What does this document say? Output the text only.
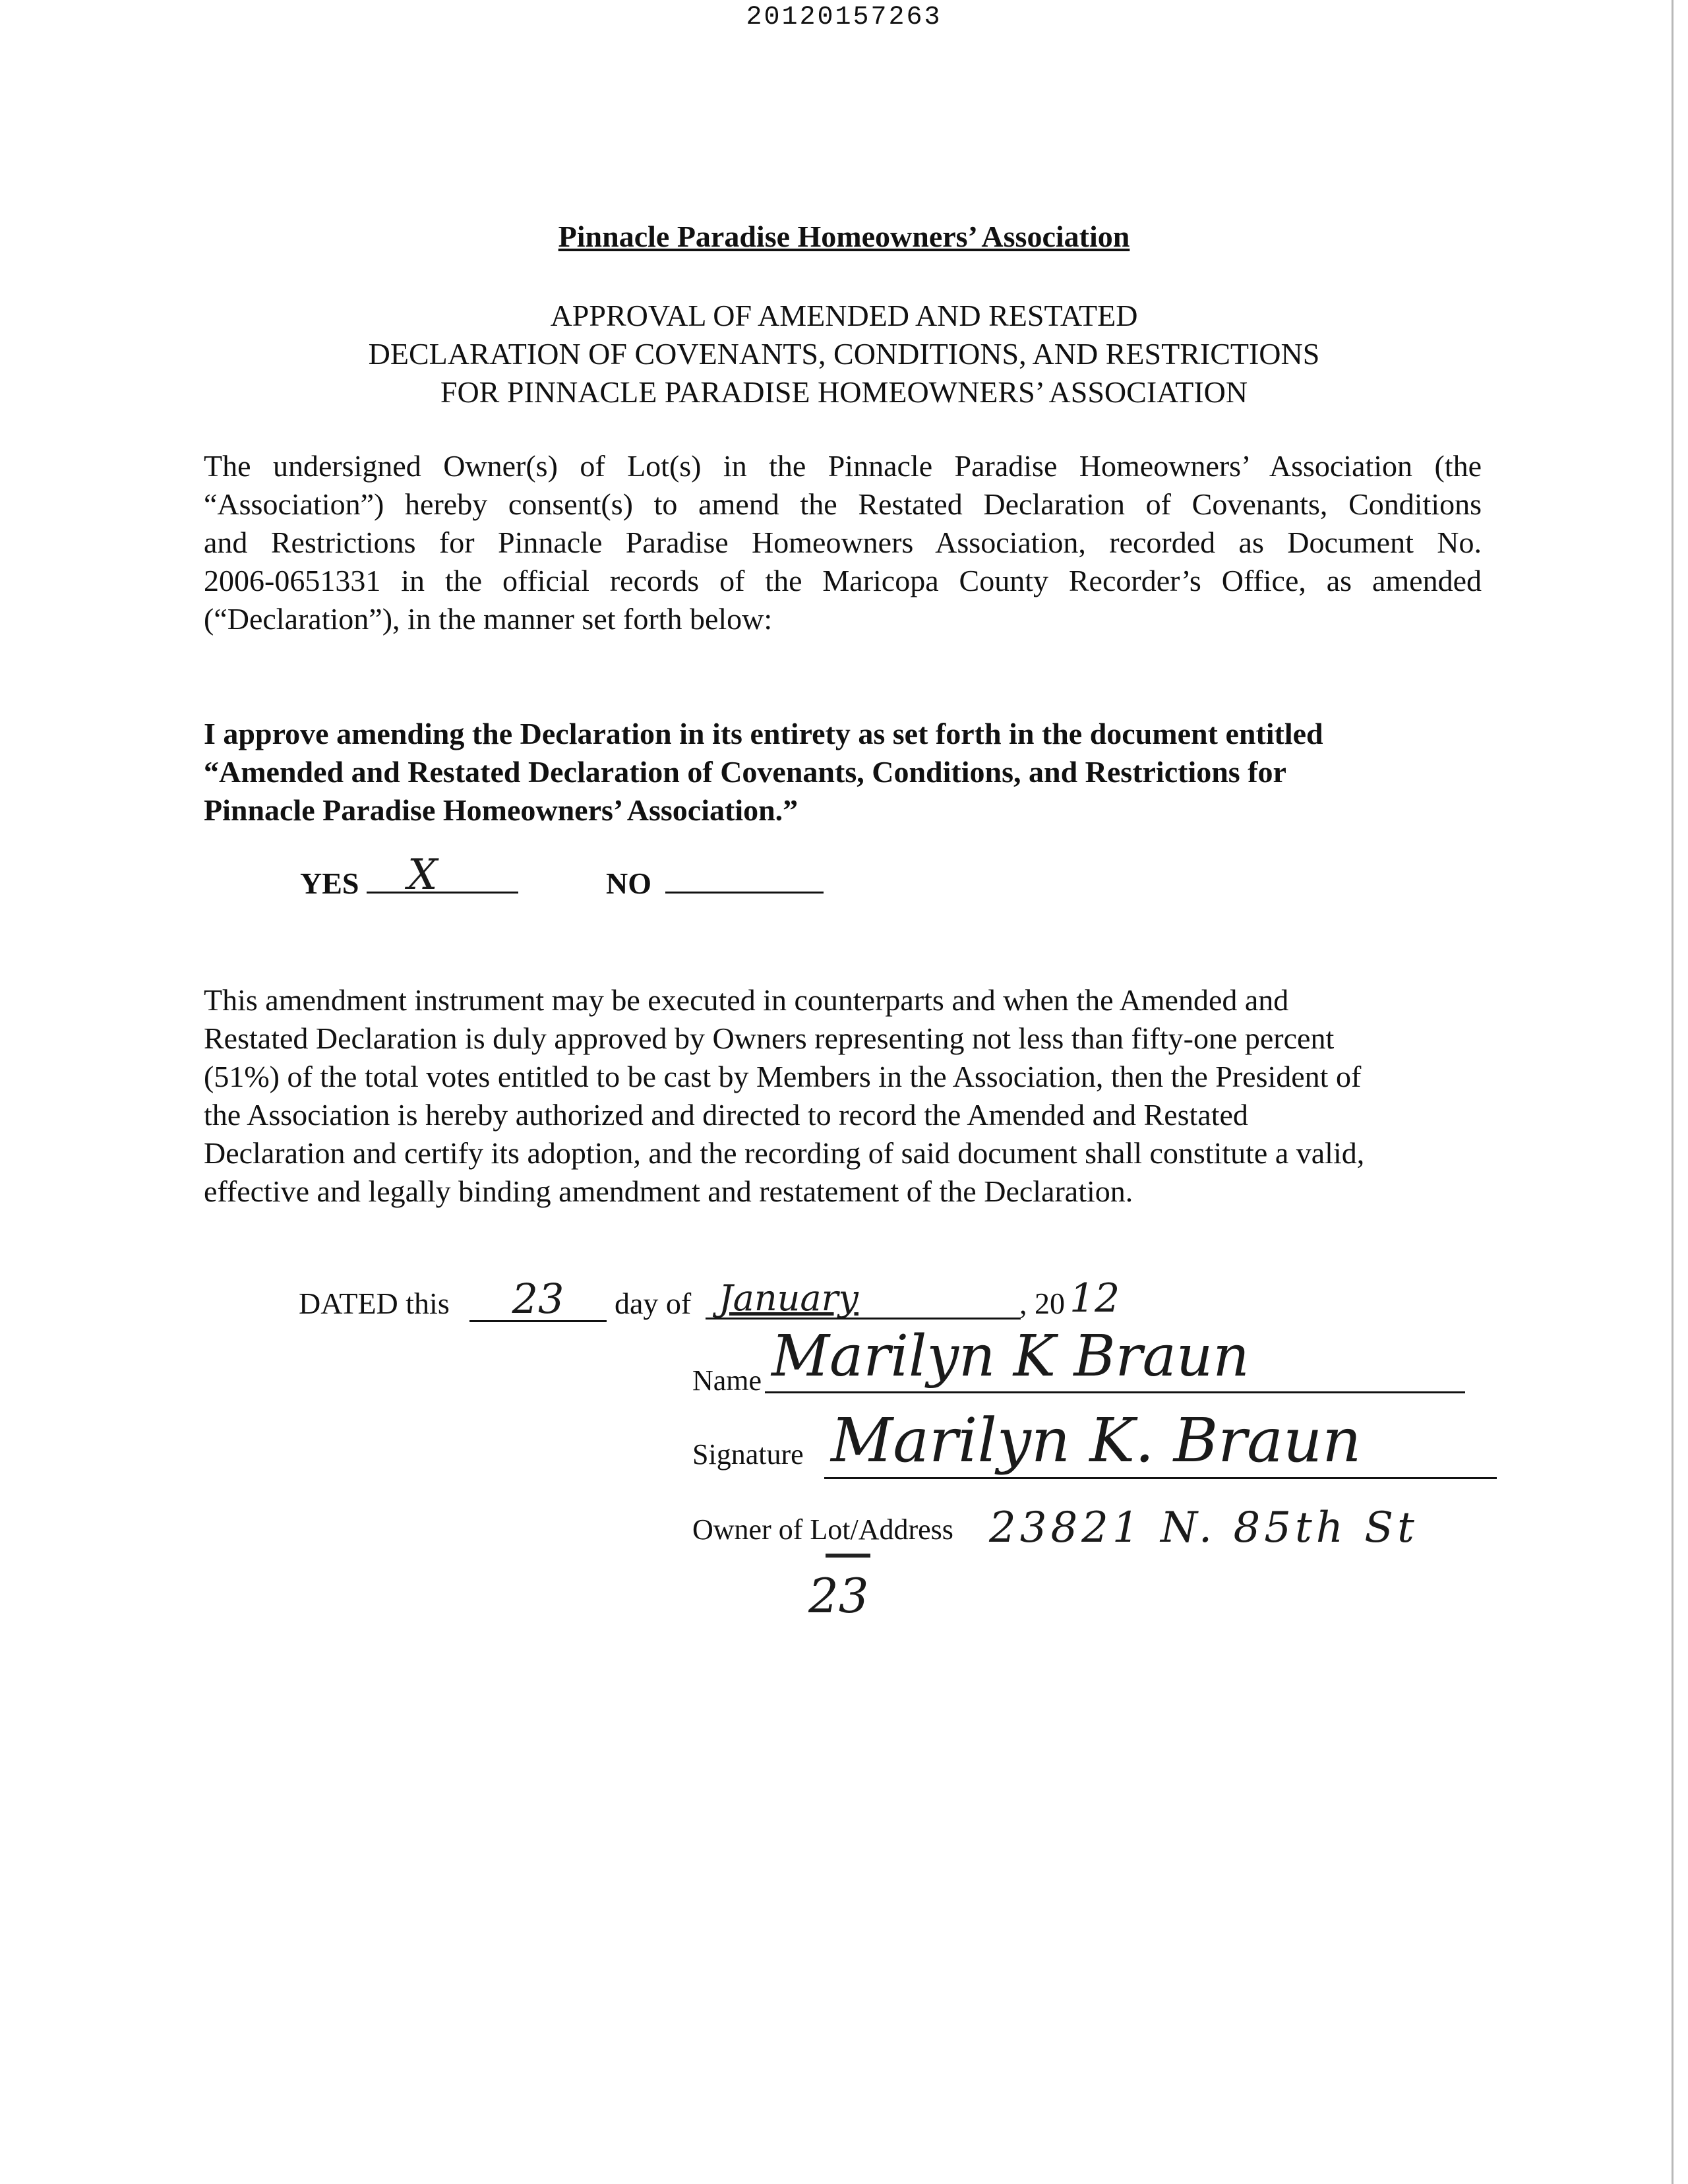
20120157263
Pinnacle Paradise Homeowners’ Association
APPROVAL OF AMENDED AND RESTATED
DECLARATION OF COVENANTS, CONDITIONS, AND RESTRICTIONS
FOR PINNACLE PARADISE HOMEOWNERS’ ASSOCIATION
The undersigned Owner(s) of Lot(s) in the Pinnacle Paradise Homeowners’ Association (the
“Association”) hereby consent(s) to amend the Restated Declaration of Covenants, Conditions
and Restrictions for Pinnacle Paradise Homeowners Association, recorded as Document No.
2006-0651331 in the official records of the Maricopa County Recorder’s Office, as amended
(“Declaration”), in the manner set forth below:
I approve amending the Declaration in its entirety as set forth in the document entitled
“Amended and Restated Declaration of Covenants, Conditions, and Restrictions for
Pinnacle Paradise Homeowners’ Association.”
YES X	NO
This amendment instrument may be executed in counterparts and when the Amended and
Restated Declaration is duly approved by Owners representing not less than fifty-one percent
(51%) of the total votes entitled to be cast by Members in the Association, then the President of
the Association is hereby authorized and directed to record the Amended and Restated
Declaration and certify its adoption, and the recording of said document shall constitute a valid,
effective and legally binding amendment and restatement of the Declaration.
DATED this	23	day of January	, 20 12
Name Marilyn K Braun
Signature Marilyn K. Braun
Owner of Lot/Address 23821 N. 85th St
23
